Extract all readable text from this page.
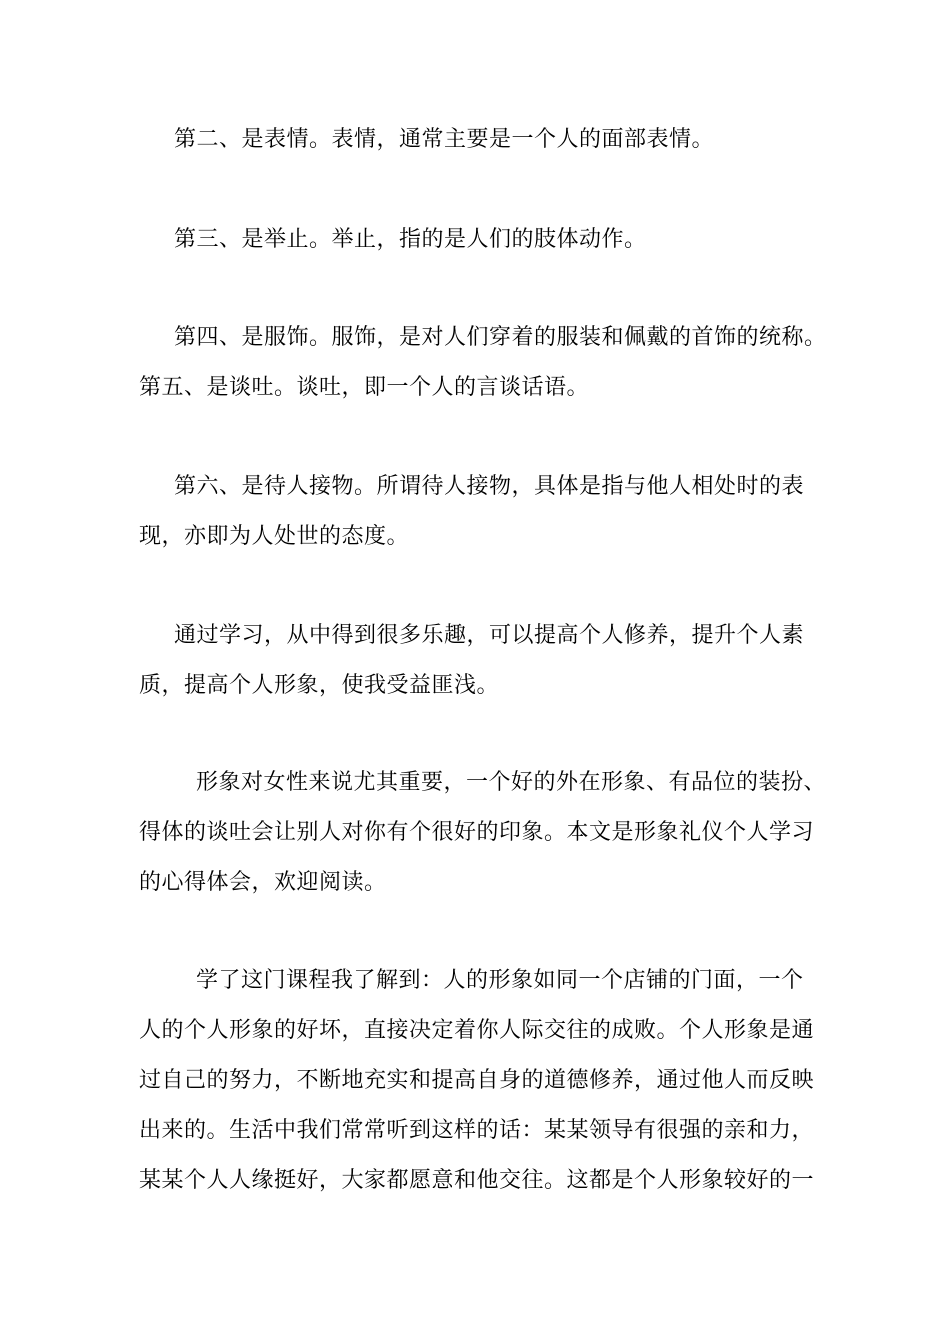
第二、是表情。表情，通常主要是一个人的面部表情。
第三、是举止。举止，指的是人们的肢体动作。
第四、是服饰。服饰，是对人们穿着的服装和佩戴的首饰的统称。
第五、是谈吐。谈吐，即一个人的言谈话语。
第六、是待人接物。所谓待人接物，具体是指与他人相处时的表
现，亦即为人处世的态度。
通过学习，从中得到很多乐趣，可以提高个人修养，提升个人素
质，提高个人形象，使我受益匪浅。
形象对女性来说尤其重要，一个好的外在形象、有品位的装扮、
得体的谈吐会让别人对你有个很好的印象。本文是形象礼仪个人学习
的心得体会，欢迎阅读。
学了这门课程我了解到：人的形象如同一个店铺的门面，一个
人的个人形象的好坏，直接决定着你人际交往的成败。个人形象是通
过自己的努力，不断地充实和提高自身的道德修养，通过他人而反映
出来的。生活中我们常常听到这样的话：某某领导有很强的亲和力，
某某个人人缘挺好，大家都愿意和他交往。这都是个人形象较好的一
